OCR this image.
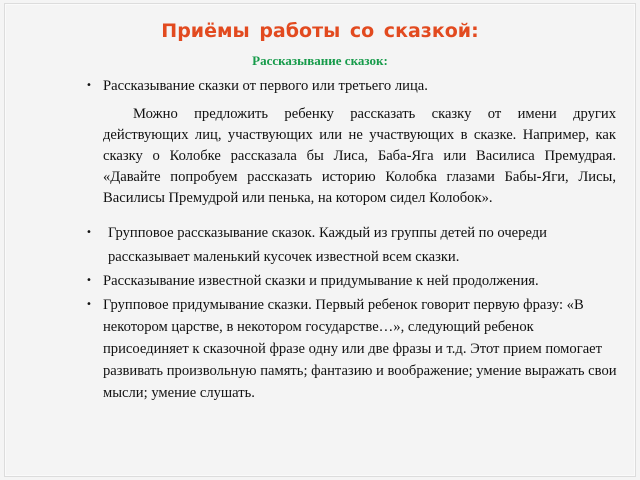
Приёмы работы со сказкой:
Рассказывание сказок:
• Рассказывание сказки от первого или третьего лица.
Можно предложить ребенку рассказать сказку от имени других действующих лиц, участвующих или не участвующих в сказке. Например, как сказку о Колобке рассказала бы Лиса, Баба-Яга или Василиса Премудрая. «Давайте попробуем рассказать историю Колобка глазами Бабы-Яги, Лисы, Василисы Премудрой или пенька, на котором сидел Колобок».
•	Групповое рассказывание сказок. Каждый из группы детей по очереди
рассказывает маленький кусочек известной всем сказки.
• Рассказывание известной сказки и придумывание к ней продолжения.
• Групповое придумывание сказки. Первый ребенок говорит первую фразу: «В некотором царстве, в некотором государстве…», следующий ребенок присоединяет к сказочной фразе одну или две фразы и т.д. Этот прием помогает развивать произвольную память; фантазию и воображение; умение выражать свои мысли; умение слушать.
